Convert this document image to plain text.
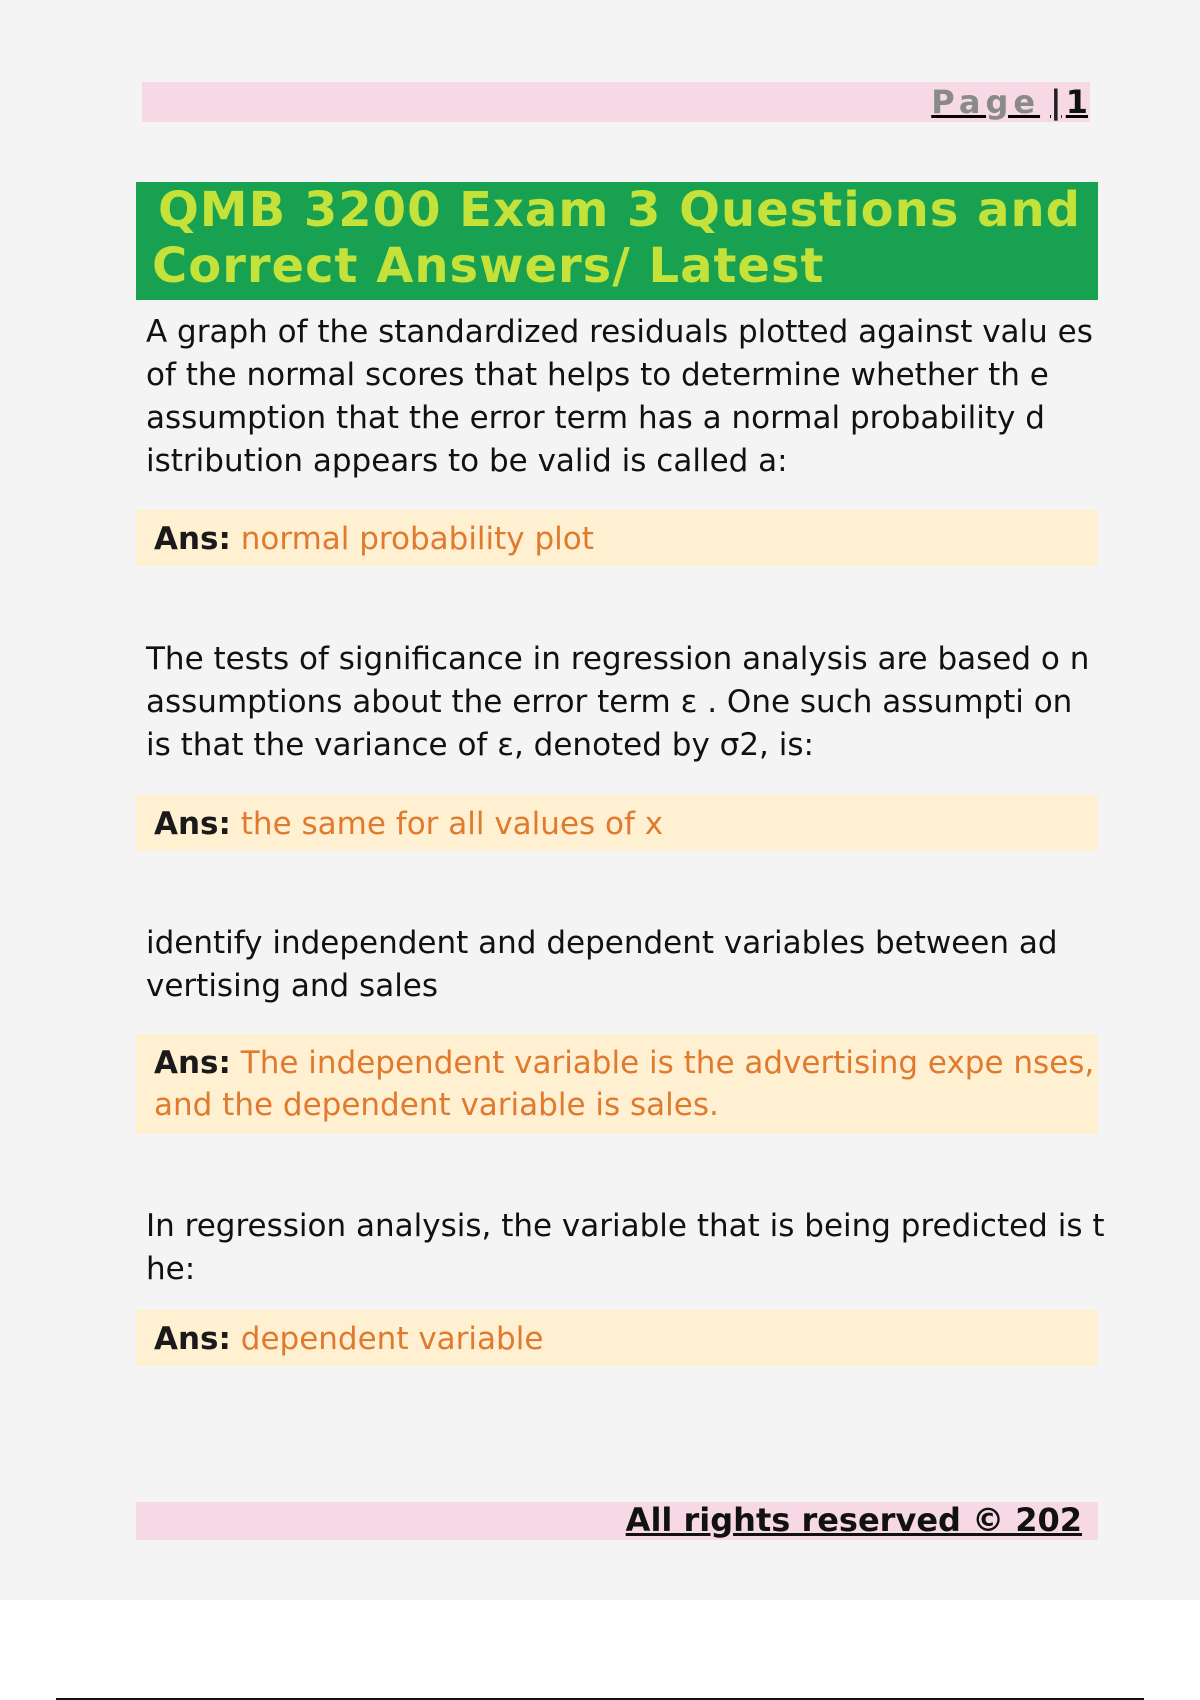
Page | 1
QMB 3200 Exam 3 Questions and
Correct Answers/ Latest

A graph of the standardized residuals plotted against valu es of the normal scores that helps to determine whether th e assumption that the error term has a normal probability d istribution appears to be valid is called a:

Ans: normal probability plot

The tests of significance in regression analysis are based o n assumptions about the error term ε . One such assumpti on is that the variance of ε, denoted by σ2, is:

Ans: the same for all values of x

identify independent and dependent variables between ad vertising and sales

Ans: The independent variable is the advertising expe nses, and the dependent variable is sales.

In regression analysis, the variable that is being predicted is t he:

Ans: dependent variable
All rights reserved © 202
